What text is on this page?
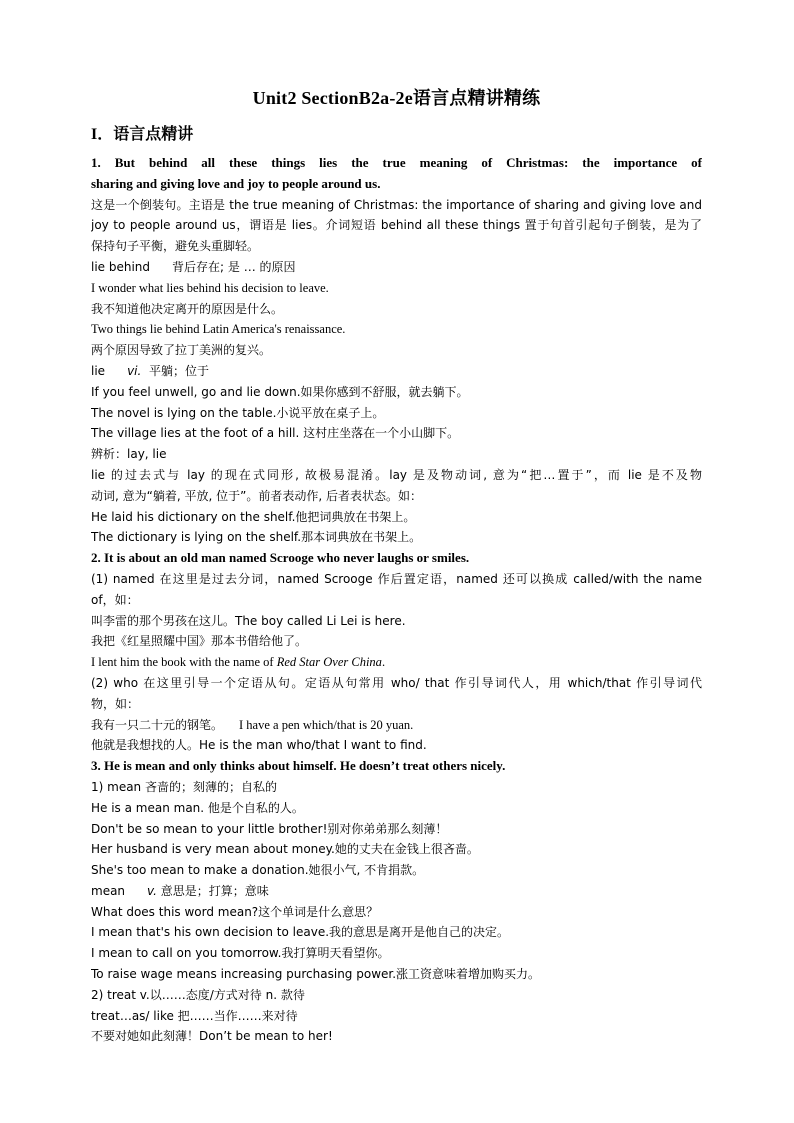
Unit2 SectionB2a-2e语言点精讲精练
I．语言点精讲
1. But behind all these things lies the true meaning of Christmas: the importance of
sharing and giving love and joy to people around us.
这是一个倒装句。主语是 the true meaning of Christmas: the importance of sharing and giving love and
joy to people around us，谓语是 lies。介词短语 behind all these things 置于句首引起句子倒装，是为了
保持句子平衡，避免头重脚轻。
lie behind 背后存在; 是 … 的原因
I wonder what lies behind his decision to leave.
我不知道他决定离开的原因是什么。
Two things lie behind Latin America's renaissance.
两个原因导致了拉丁美洲的复兴。
lie vi. 平躺；位于
If you feel unwell, go and lie down.如果你感到不舒服，就去躺下。
The novel is lying on the table.小说平放在桌子上。
The village lies at the foot of a hill. 这村庄坐落在一个小山脚下。
辨析：lay, lie
lie 的过去式与 lay 的现在式同形, 故极易混淆。lay 是及物动词, 意为“把…置于”，而 lie 是不及物
动词, 意为“躺着, 平放, 位于”。前者表动作, 后者表状态。如：
He laid his dictionary on the shelf.他把词典放在书架上。
The dictionary is lying on the shelf.那本词典放在书架上。
2. It is about an old man named Scrooge who never laughs or smiles.
(1) named 在这里是过去分词，named Scrooge 作后置定语，named 还可以换成 called/with the name
of，如：
叫李雷的那个男孩在这儿。The boy called Li Lei is here.
我把《红星照耀中国》那本书借给他了。
I lent him the book with the name of Red Star Over China.
(2) who 在这里引导一个定语从句。定语从句常用 who/ that 作引导词代人，用 which/that 作引导词代
物，如：
我有一只二十元的钢笔。 I have a pen which/that is 20 yuan.
他就是我想找的人。He is the man who/that I want to find.
3. He is mean and only thinks about himself. He doesn’t treat others nicely.
1) mean 吝啬的；刻薄的；自私的
He is a mean man. 他是个自私的人。
Don't be so mean to your little brother!别对你弟弟那么刻薄！
Her husband is very mean about money.她的丈夫在金钱上很吝啬。
She's too mean to make a donation.她很小气, 不肯捐款。
mean v. 意思是；打算；意味
What does this word mean?这个单词是什么意思？
I mean that's his own decision to leave.我的意思是离开是他自己的决定。
I mean to call on you tomorrow.我打算明天看望你。
To raise wage means increasing purchasing power.涨工资意味着增加购买力。
2) treat v.以……态度/方式对待 n. 款待
treat…as/ like 把……当作……来对待
不要对她如此刻薄！Don’t be mean to her!
